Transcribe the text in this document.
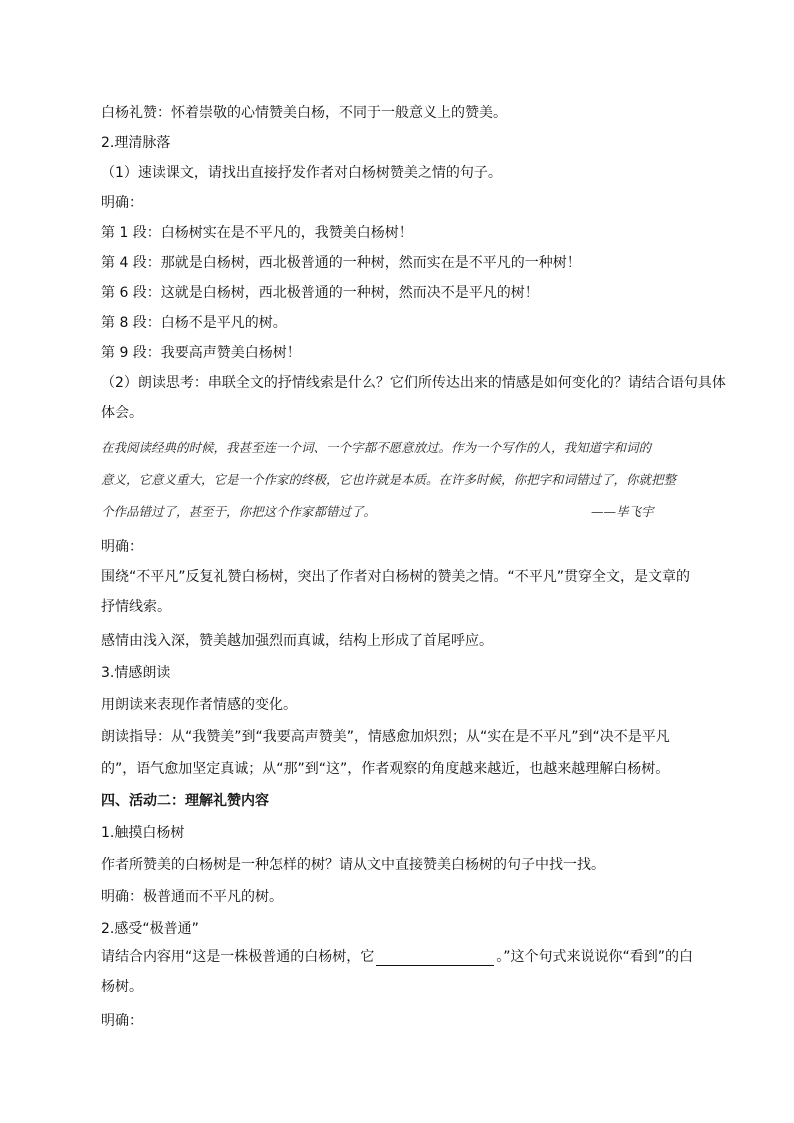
白杨礼赞：怀着崇敬的心情赞美白杨，不同于一般意义上的赞美。
2.理清脉落
（1）速读课文，请找出直接抒发作者对白杨树赞美之情的句子。
明确：
第 1 段：白杨树实在是不平凡的，我赞美白杨树！
第 4 段：那就是白杨树，西北极普通的一种树，然而实在是不平凡的一种树！
第 6 段：这就是白杨树，西北极普通的一种树，然而决不是平凡的树！
第 8 段：白杨不是平凡的树。
第 9 段：我要高声赞美白杨树！
（2）朗读思考：串联全文的抒情线索是什么？它们所传达出来的情感是如何变化的？请结合语句具体
体会。
在我阅读经典的时候，我甚至连一个词、一个字都不愿意放过。作为一个写作的人，我知道字和词的
意义，它意义重大，它是一个作家的终极，它也许就是本质。在许多时候，你把字和词错过了，你就把整
个作品错过了，甚至于，你把这个作家都错过了。	——毕飞宇
明确：
围绕“不平凡”反复礼赞白杨树，突出了作者对白杨树的赞美之情。“不平凡”贯穿全文，是文章的
抒情线索。
感情由浅入深，赞美越加强烈而真诚，结构上形成了首尾呼应。
3.情感朗读
用朗读来表现作者情感的变化。
朗读指导：从“我赞美”到“我要高声赞美”，情感愈加炽烈；从“实在是不平凡”到“决不是平凡
的”，语气愈加坚定真诚；从“那”到“这”，作者观察的角度越来越近，也越来越理解白杨树。
四、活动二：理解礼赞内容
1.触摸白杨树
作者所赞美的白杨树是一种怎样的树？请从文中直接赞美白杨树的句子中找一找。
明确：极普通而不平凡的树。
2.感受“极普通”
请结合内容用“这是一株极普通的白杨树，它	。”这个句式来说说你“看到”的白
杨树。
明确：
